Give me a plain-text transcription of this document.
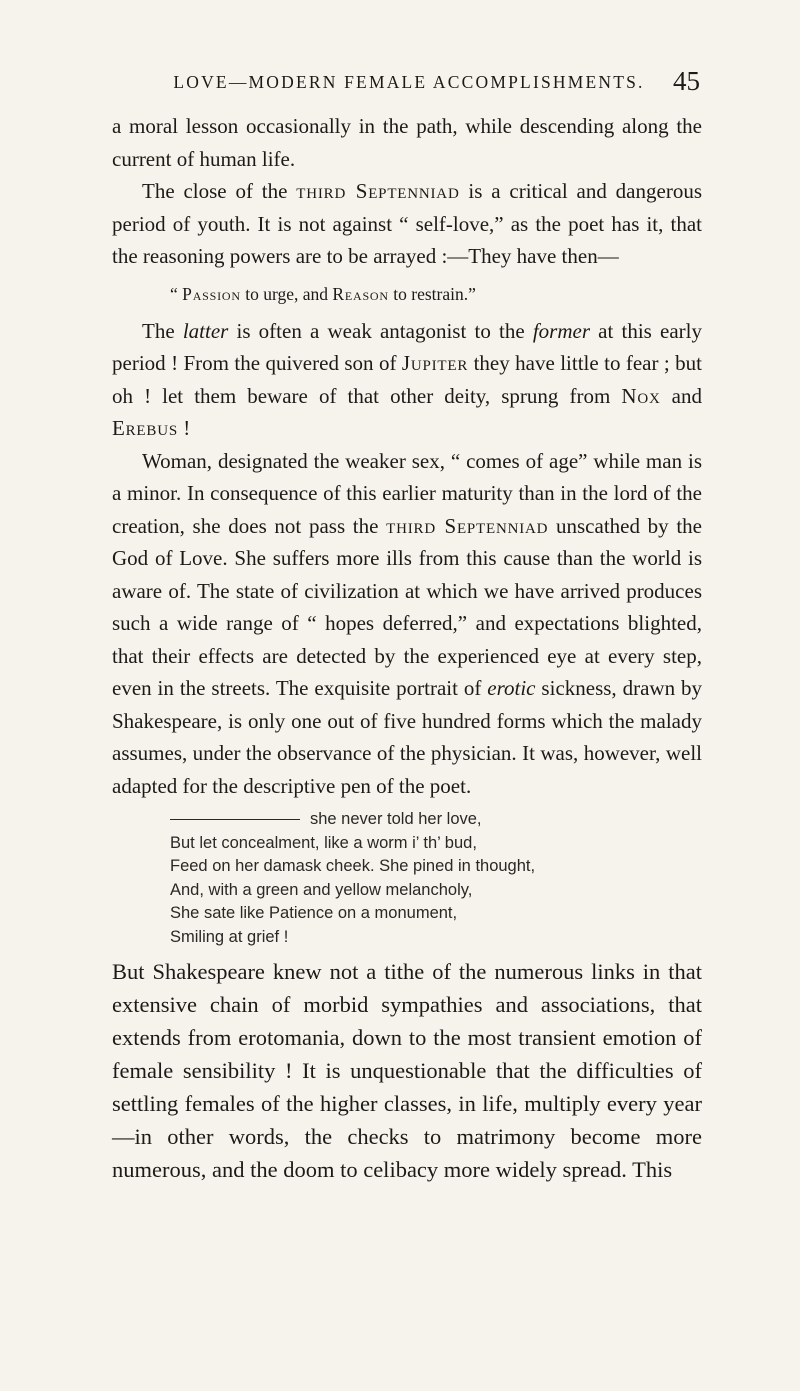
LOVE—MODERN FEMALE ACCOMPLISHMENTS.	45

a moral lesson occasionally in the path, while descending along the current of human life.

The close of the third Septenniad is a critical and dangerous period of youth. It is not against “ self-love,” as the poet has it, that the reasoning powers are to be arrayed :—They have then—

“ Passion to urge, and Reason to restrain.”

The latter is often a weak antagonist to the former at this early period ! From the quivered son of Jupiter they have little to fear ; but oh ! let them beware of that other deity, sprung from Nox and Erebus !

Woman, designated the weaker sex, “ comes of age” while man is a minor. In consequence of this earlier maturity than in the lord of the creation, she does not pass the third Septenniad unscathed by the God of Love. She suffers more ills from this cause than the world is aware of. The state of civilization at which we have arrived produces such a wide range of “ hopes deferred,” and expectations blighted, that their effects are detected by the experienced eye at every step, even in the streets. The exquisite portrait of erotic sickness, drawn by Shakespeare, is only one out of five hundred forms which the malady assumes, under the observance of the physician. It was, however, well adapted for the descriptive pen of the poet.

she never told her love,
But let concealment, like a worm i’ th’ bud,
Feed on her damask cheek. She pined in thought,
And, with a green and yellow melancholy,
She sate like Patience on a monument,
Smiling at grief !

But Shakespeare knew not a tithe of the numerous links in that extensive chain of morbid sympathies and associations, that extends from erotomania, down to the most transient emotion of female sensibility ! It is unquestionable that the difficulties of settling females of the higher classes, in life, multiply every year—in other words, the checks to matrimony become more numerous, and the doom to celibacy more widely spread. This
